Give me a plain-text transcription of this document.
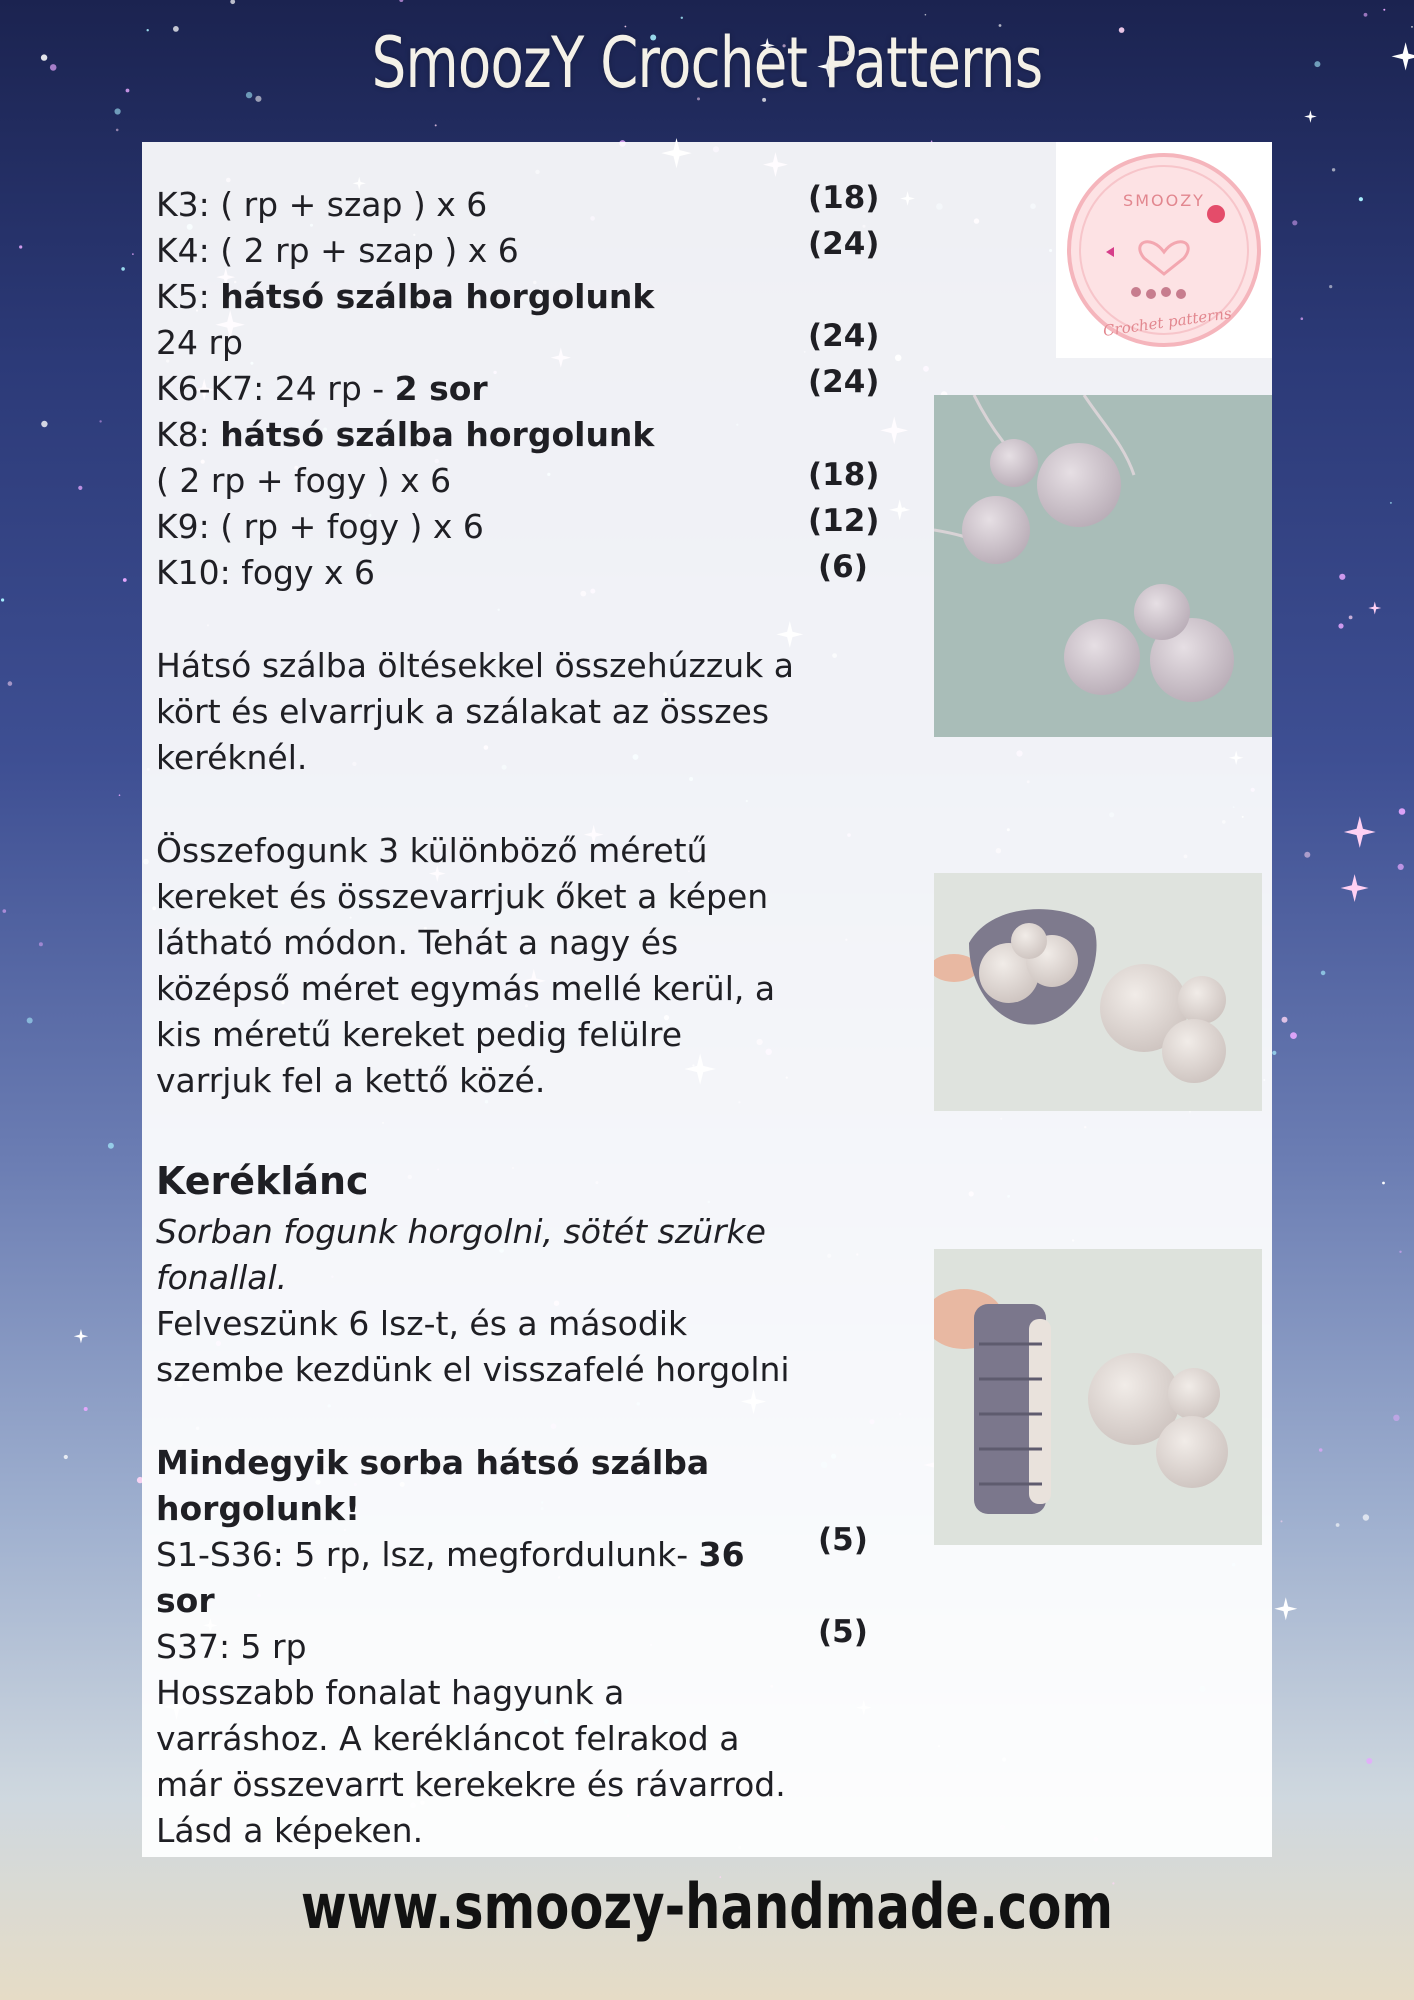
SmoozY Crochet Patterns
K3: ( rp + szap ) x 6
K4: ( 2 rp + szap ) x 6
K5: hátsó szálba horgolunk
24 rp
K6-K7: 24 rp - 2 sor
K8: hátsó szálba horgolunk
( 2 rp + fogy ) x 6
K9: ( rp + fogy ) x 6
K10: fogy x 6
Hátsó szálba öltésekkel összehúzzuk a
kört és elvarrjuk a szálakat az összes
keréknél.
Összefogunk 3 különböző méretű
kereket és összevarrjuk őket a képen
látható módon. Tehát a nagy és
középső méret egymás mellé kerül, a
kis méretű kereket pedig felülre
varrjuk fel a kettő közé.
Keréklánc
Sorban fogunk horgolni, sötét szürke
fonallal.
Felveszünk 6 lsz-t, és a második
szembe kezdünk el visszafelé horgolni
Mindegyik sorba hátsó szálba
horgolunk!
S1-S36: 5 rp, lsz, megfordulunk- 36
sor
S37: 5 rp
Hosszabb fonalat hagyunk a
varráshoz. A kerékláncot felrakod a
már összevarrt kerekekre és rávarrod.
Lásd a képeken.
(18)
(24)
(24)
(24)
(18)
(12)
(6)
(5)
(5)
SMOOZY
Crochet patterns
www.smoozy-handmade.com
